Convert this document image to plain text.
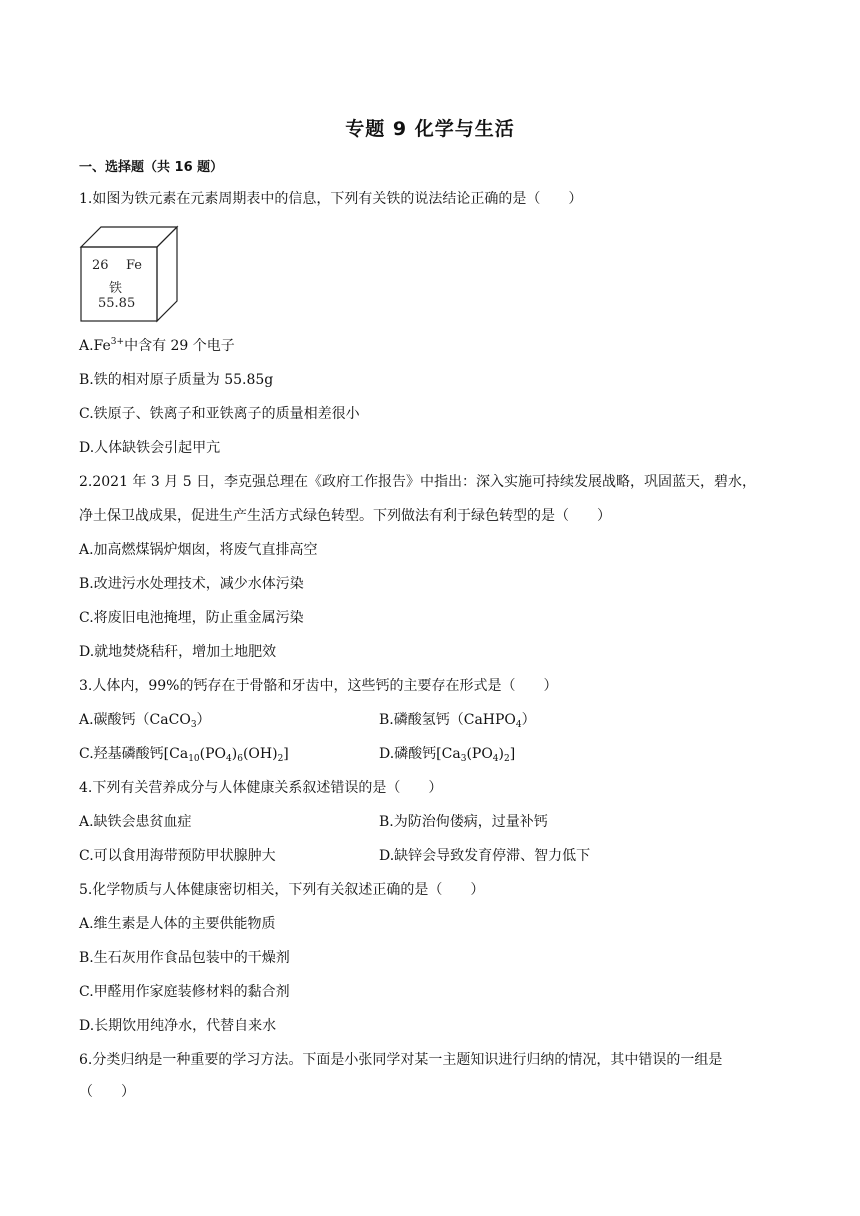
专题 9 化学与生活
一、选择题（共 16 题）
1.如图为铁元素在元素周期表中的信息，下列有关铁的说法结论正确的是（　　）
26 Fe
铁
55.85
$A.Fe^{3+}$中含有 29 个电子
B.铁的相对原子质量为 55.85g
C.铁原子、铁离子和亚铁离子的质量相差很小
D.人体缺铁会引起甲亢
2.2021 年 3 月 5 日，李克强总理在《政府工作报告》中指出：深入实施可持续发展战略，巩固蓝天，碧水，
净土保卫战成果，促进生产生活方式绿色转型。下列做法有利于绿色转型的是（　　）
A.加高燃煤锅炉烟囱，将废气直排高空
B.改进污水处理技术，减少水体污染
C.将废旧电池掩埋，防止重金属污染
D.就地焚烧秸秆，增加土地肥效
3.人体内，99%的钙存在于骨骼和牙齿中，这些钙的主要存在形式是（　　）
A.碳酸钙（CaCO$_3$）	B.磷酸氢钙（CaHPO$_4$）
C.羟基磷酸钙$[Ca_{10}(PO_4)_6(OH)_2]$	D.磷酸钙$[Ca_3(PO_4)_2]$
4.下列有关营养成分与人体健康关系叙述错误的是（　　）
A.缺铁会患贫血症	B.为防治佝偻病，过量补钙
C.可以食用海带预防甲状腺肿大	D.缺锌会导致发育停滞、智力低下
5.化学物质与人体健康密切相关，下列有关叙述正确的是（　　）
A.维生素是人体的主要供能物质
B.生石灰用作食品包装中的干燥剂
C.甲醛用作家庭装修材料的黏合剂
D.长期饮用纯净水，代替自来水
6.分类归纳是一种重要的学习方法。下面是小张同学对某一主题知识进行归纳的情况，其中错误的一组是
（　　）
